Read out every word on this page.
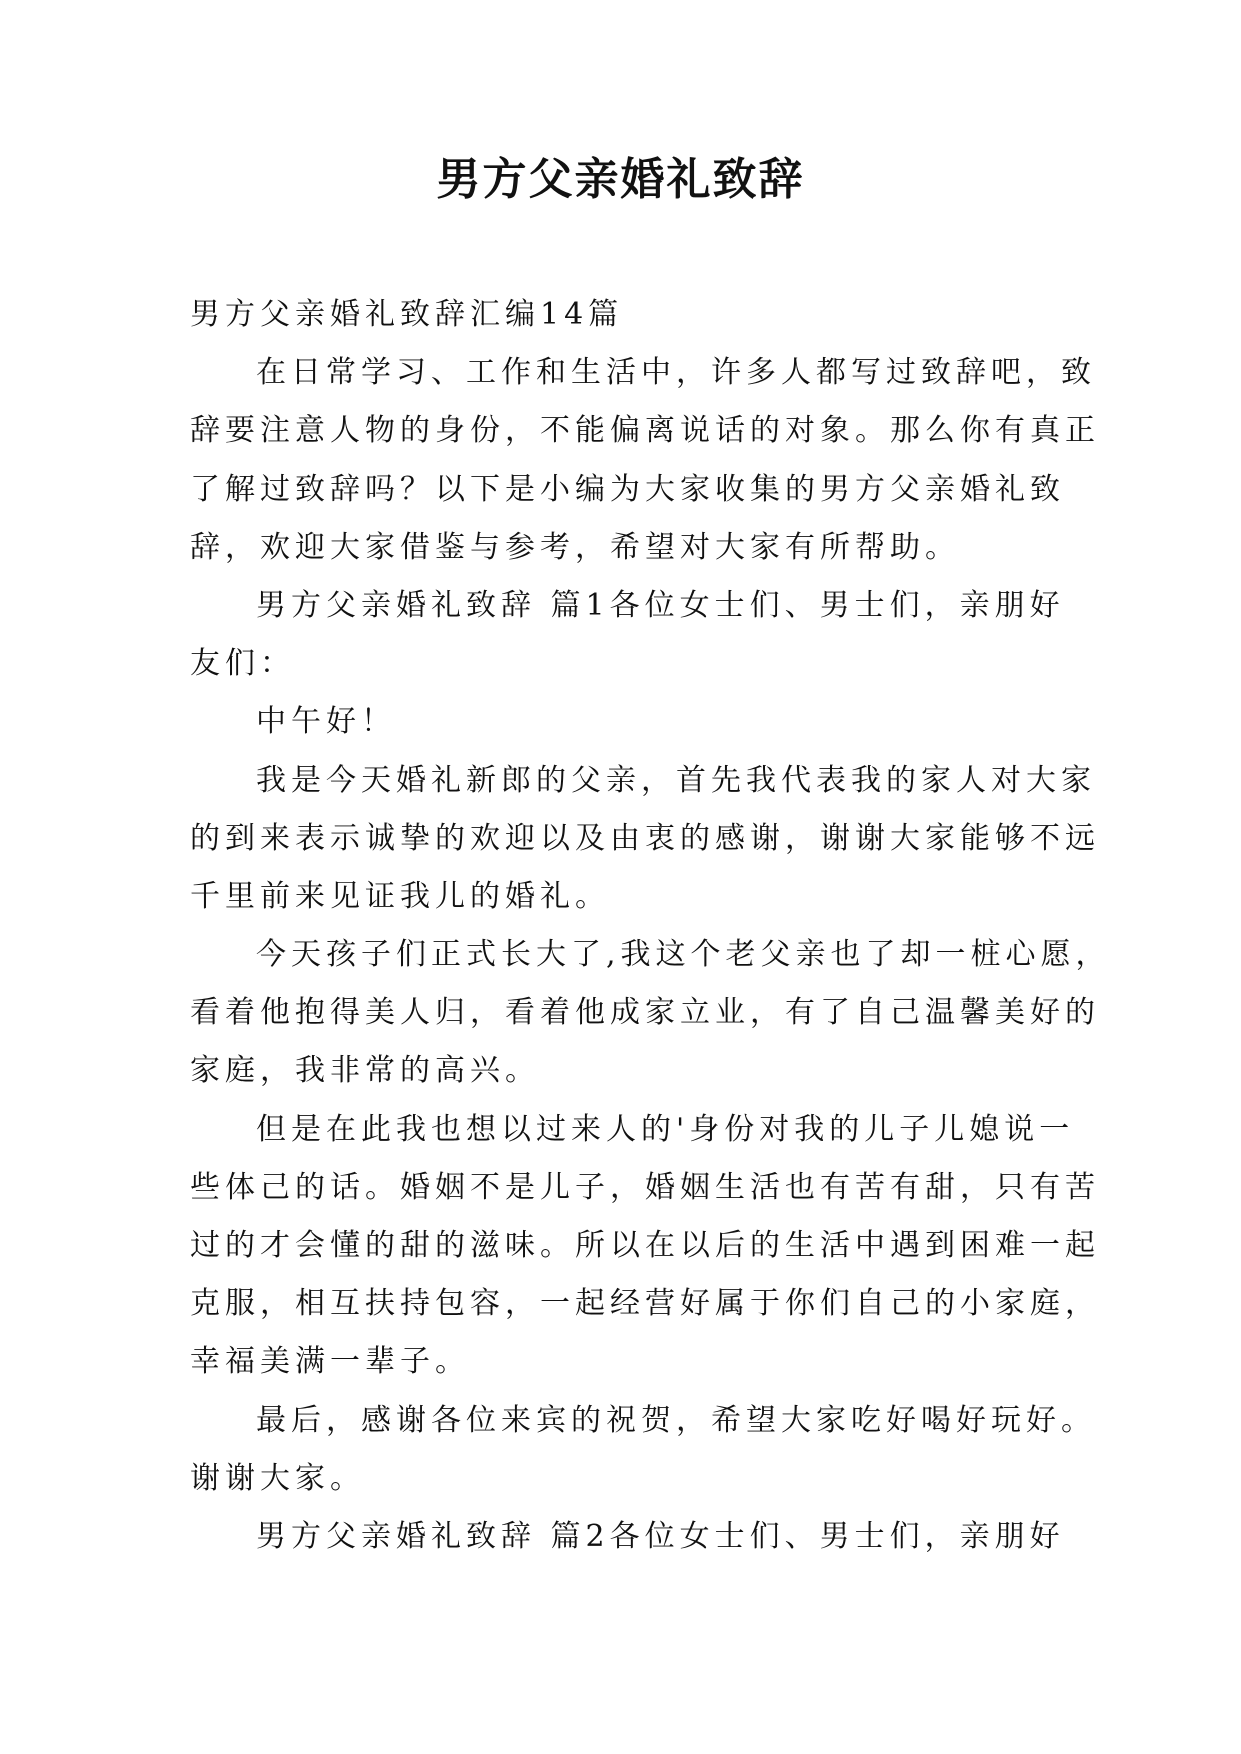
男方父亲婚礼致辞
男方父亲婚礼致辞汇编14篇
在日常学习、工作和生活中，许多人都写过致辞吧，致
辞要注意人物的身份，不能偏离说话的对象。那么你有真正
了解过致辞吗？以下是小编为大家收集的男方父亲婚礼致
辞，欢迎大家借鉴与参考，希望对大家有所帮助。
男方父亲婚礼致辞 篇1各位女士们、男士们，亲朋好
友们：
中午好！
我是今天婚礼新郎的父亲，首先我代表我的家人对大家
的到来表示诚挚的欢迎以及由衷的感谢，谢谢大家能够不远
千里前来见证我儿的婚礼。
今天孩子们正式长大了,我这个老父亲也了却一桩心愿，
看着他抱得美人归，看着他成家立业，有了自己温馨美好的
家庭，我非常的高兴。
但是在此我也想以过来人的'身份对我的儿子儿媳说一
些体己的话。婚姻不是儿子，婚姻生活也有苦有甜，只有苦
过的才会懂的甜的滋味。所以在以后的生活中遇到困难一起
克服，相互扶持包容，一起经营好属于你们自己的小家庭，
幸福美满一辈子。
最后，感谢各位来宾的祝贺，希望大家吃好喝好玩好。
谢谢大家。
男方父亲婚礼致辞 篇2各位女士们、男士们，亲朋好
